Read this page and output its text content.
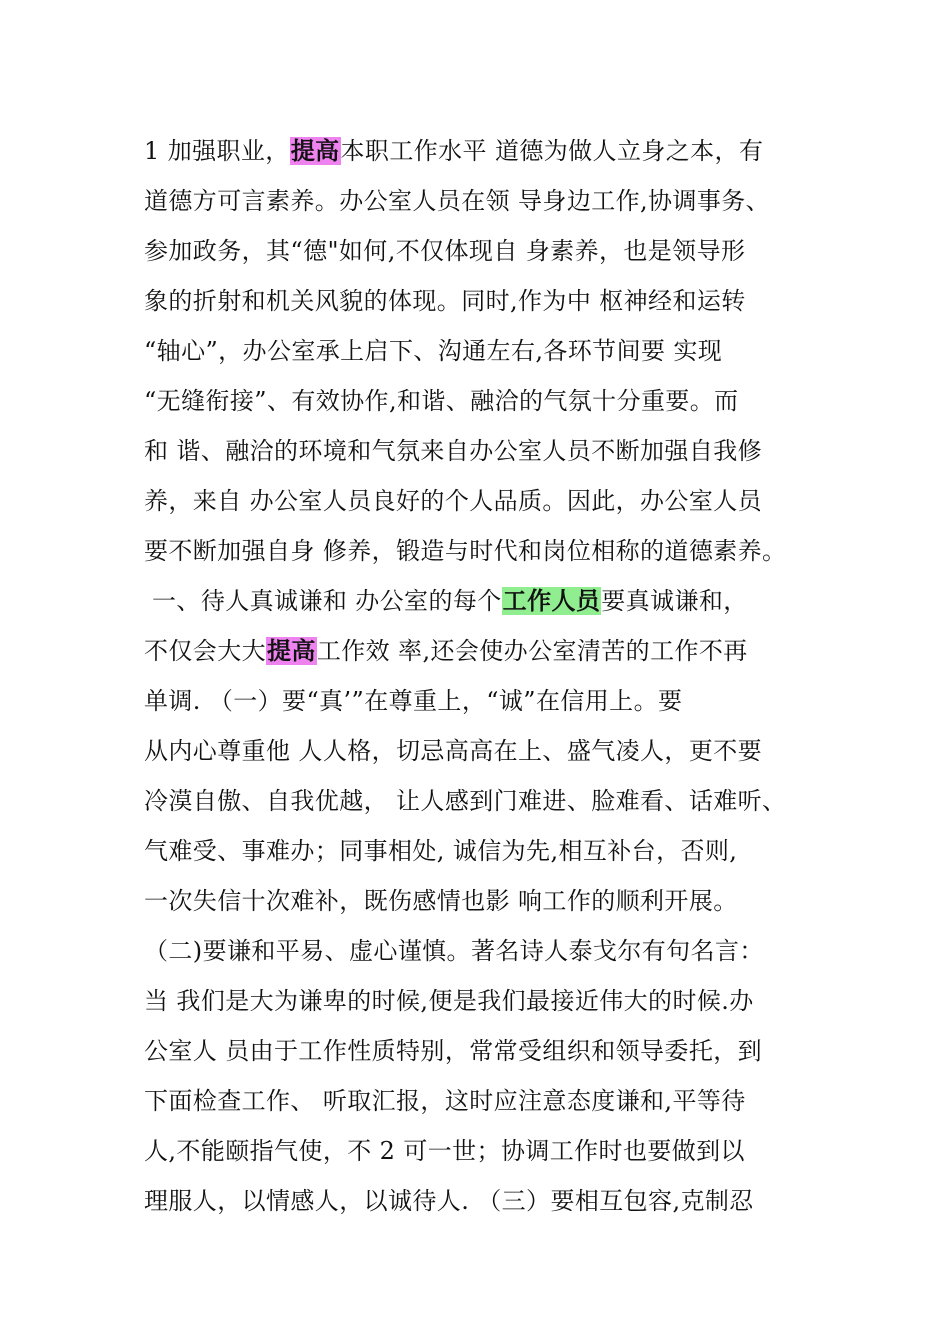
1 加强职业，提高本职工作水平 道德为做人立身之本，有
道德方可言素养。办公室人员在领 导身边工作,协调事务、
参加政务，其“德"如何,不仅体现自 身素养，也是领导形
象的折射和机关风貌的体现。同时,作为中 枢神经和运转
“轴心”，办公室承上启下、沟通左右,各环节间要 实现
“无缝衔接”、有效协作,和谐、融洽的气氛十分重要。而
和 谐、融洽的环境和气氛来自办公室人员不断加强自我修
养，来自 办公室人员良好的个人品质。因此，办公室人员
要不断加强自身 修养，锻造与时代和岗位相称的道德素养。
一、待人真诚谦和 办公室的每个工作人员要真诚谦和，
不仅会大大提高工作效 率,还会使办公室清苦的工作不再
单调. （一）要“真’”在尊重上，“诚”在信用上。要
从内心尊重他 人人格，切忌高高在上、盛气凌人，更不要
冷漠自傲、自我优越， 让人感到门难进、脸难看、话难听、
气难受、事难办；同事相处, 诚信为先,相互补台，否则,
一次失信十次难补，既伤感情也影 响工作的顺利开展。
（二)要谦和平易、虚心谨慎。著名诗人泰戈尔有句名言：
当 我们是大为谦卑的时候,便是我们最接近伟大的时候.办
公室人 员由于工作性质特别，常常受组织和领导委托，到
下面检查工作、 听取汇报，这时应注意态度谦和,平等待
人,不能颐指气使，不 2 可一世；协调工作时也要做到以
理服人，以情感人，以诚待人. （三）要相互包容,克制忍
